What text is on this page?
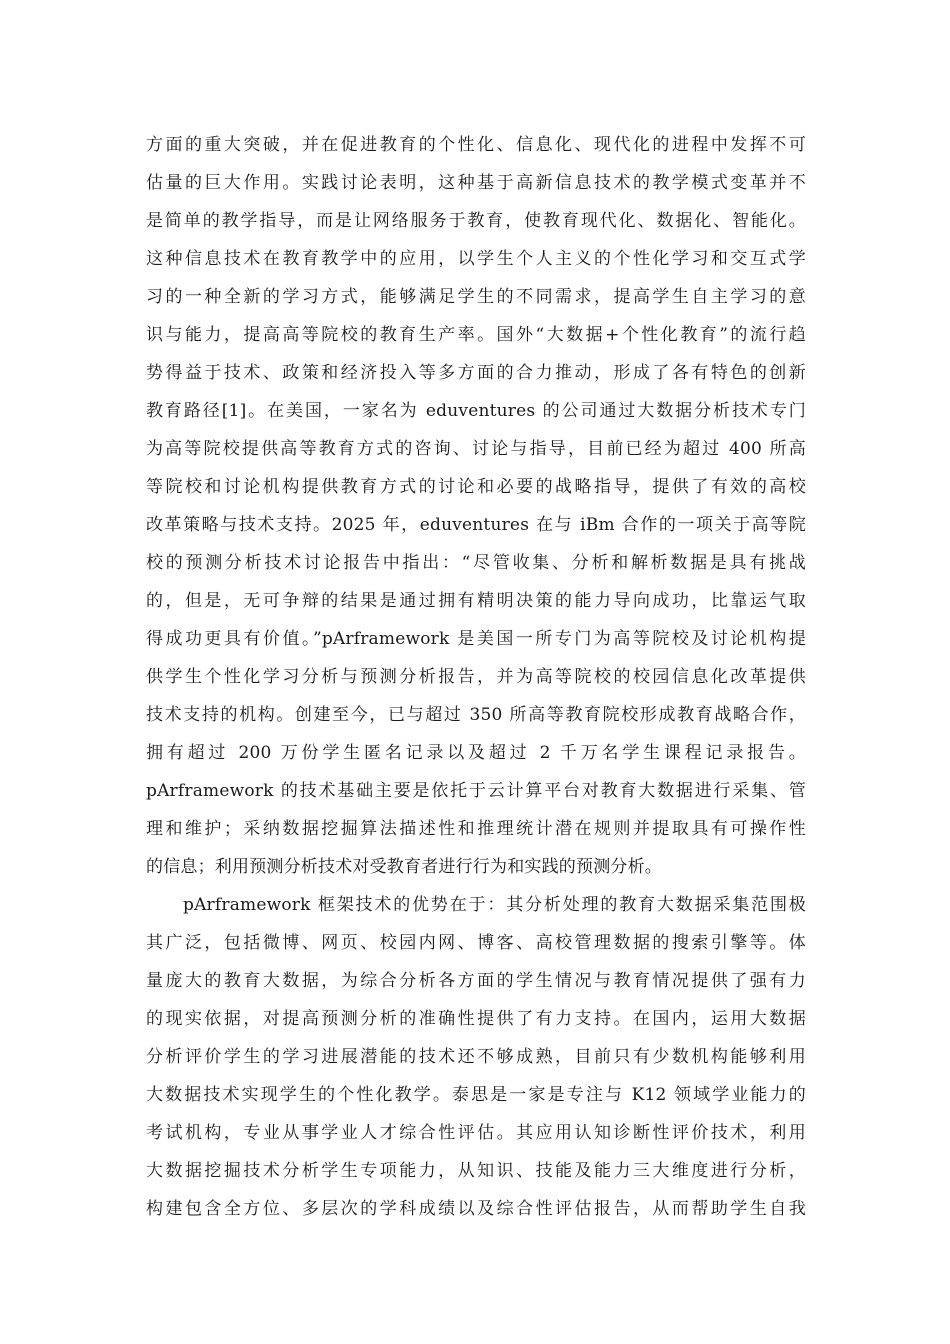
方面的重大突破，并在促进教育的个性化、信息化、现代化的进程中发挥不可
估量的巨大作用。实践讨论表明，这种基于高新信息技术的教学模式变革并不
是简单的教学指导，而是让网络服务于教育，使教育现代化、数据化、智能化。
这种信息技术在教育教学中的应用，以学生个人主义的个性化学习和交互式学
习的一种全新的学习方式，能够满足学生的不同需求，提高学生自主学习的意
识与能力，提高高等院校的教育生产率。国外“大数据+个性化教育”的流行趋
势得益于技术、政策和经济投入等多方面的合力推动，形成了各有特色的创新
教育路径[1]。在美国，一家名为 eduventures 的公司通过大数据分析技术专门
为高等院校提供高等教育方式的咨询、讨论与指导，目前已经为超过 400 所高
等院校和讨论机构提供教育方式的讨论和必要的战略指导，提供了有效的高校
改革策略与技术支持。2025 年，eduventures 在与 iBm 合作的一项关于高等院
校的预测分析技术讨论报告中指出：“尽管收集、分析和解析数据是具有挑战
的，但是，无可争辩的结果是通过拥有精明决策的能力导向成功，比靠运气取
得成功更具有价值。”pArframework 是美国一所专门为高等院校及讨论机构提
供学生个性化学习分析与预测分析报告，并为高等院校的校园信息化改革提供
技术支持的机构。创建至今，已与超过 350 所高等教育院校形成教育战略合作，
拥有超过 200 万份学生匿名记录以及超过 2 千万名学生课程记录报告。
pArframework 的技术基础主要是依托于云计算平台对教育大数据进行采集、管
理和维护；采纳数据挖掘算法描述性和推理统计潜在规则并提取具有可操作性
的信息；利用预测分析技术对受教育者进行行为和实践的预测分析。
pArframework 框架技术的优势在于：其分析处理的教育大数据采集范围极
其广泛，包括微博、网页、校园内网、博客、高校管理数据的搜索引擎等。体
量庞大的教育大数据，为综合分析各方面的学生情况与教育情况提供了强有力
的现实依据，对提高预测分析的准确性提供了有力支持。在国内，运用大数据
分析评价学生的学习进展潜能的技术还不够成熟，目前只有少数机构能够利用
大数据技术实现学生的个性化教学。泰思是一家是专注与 K12 领域学业能力的
考试机构，专业从事学业人才综合性评估。其应用认知诊断性评价技术，利用
大数据挖掘技术分析学生专项能力，从知识、技能及能力三大维度进行分析，
构建包含全方位、多层次的学科成绩以及综合性评估报告，从而帮助学生自我
